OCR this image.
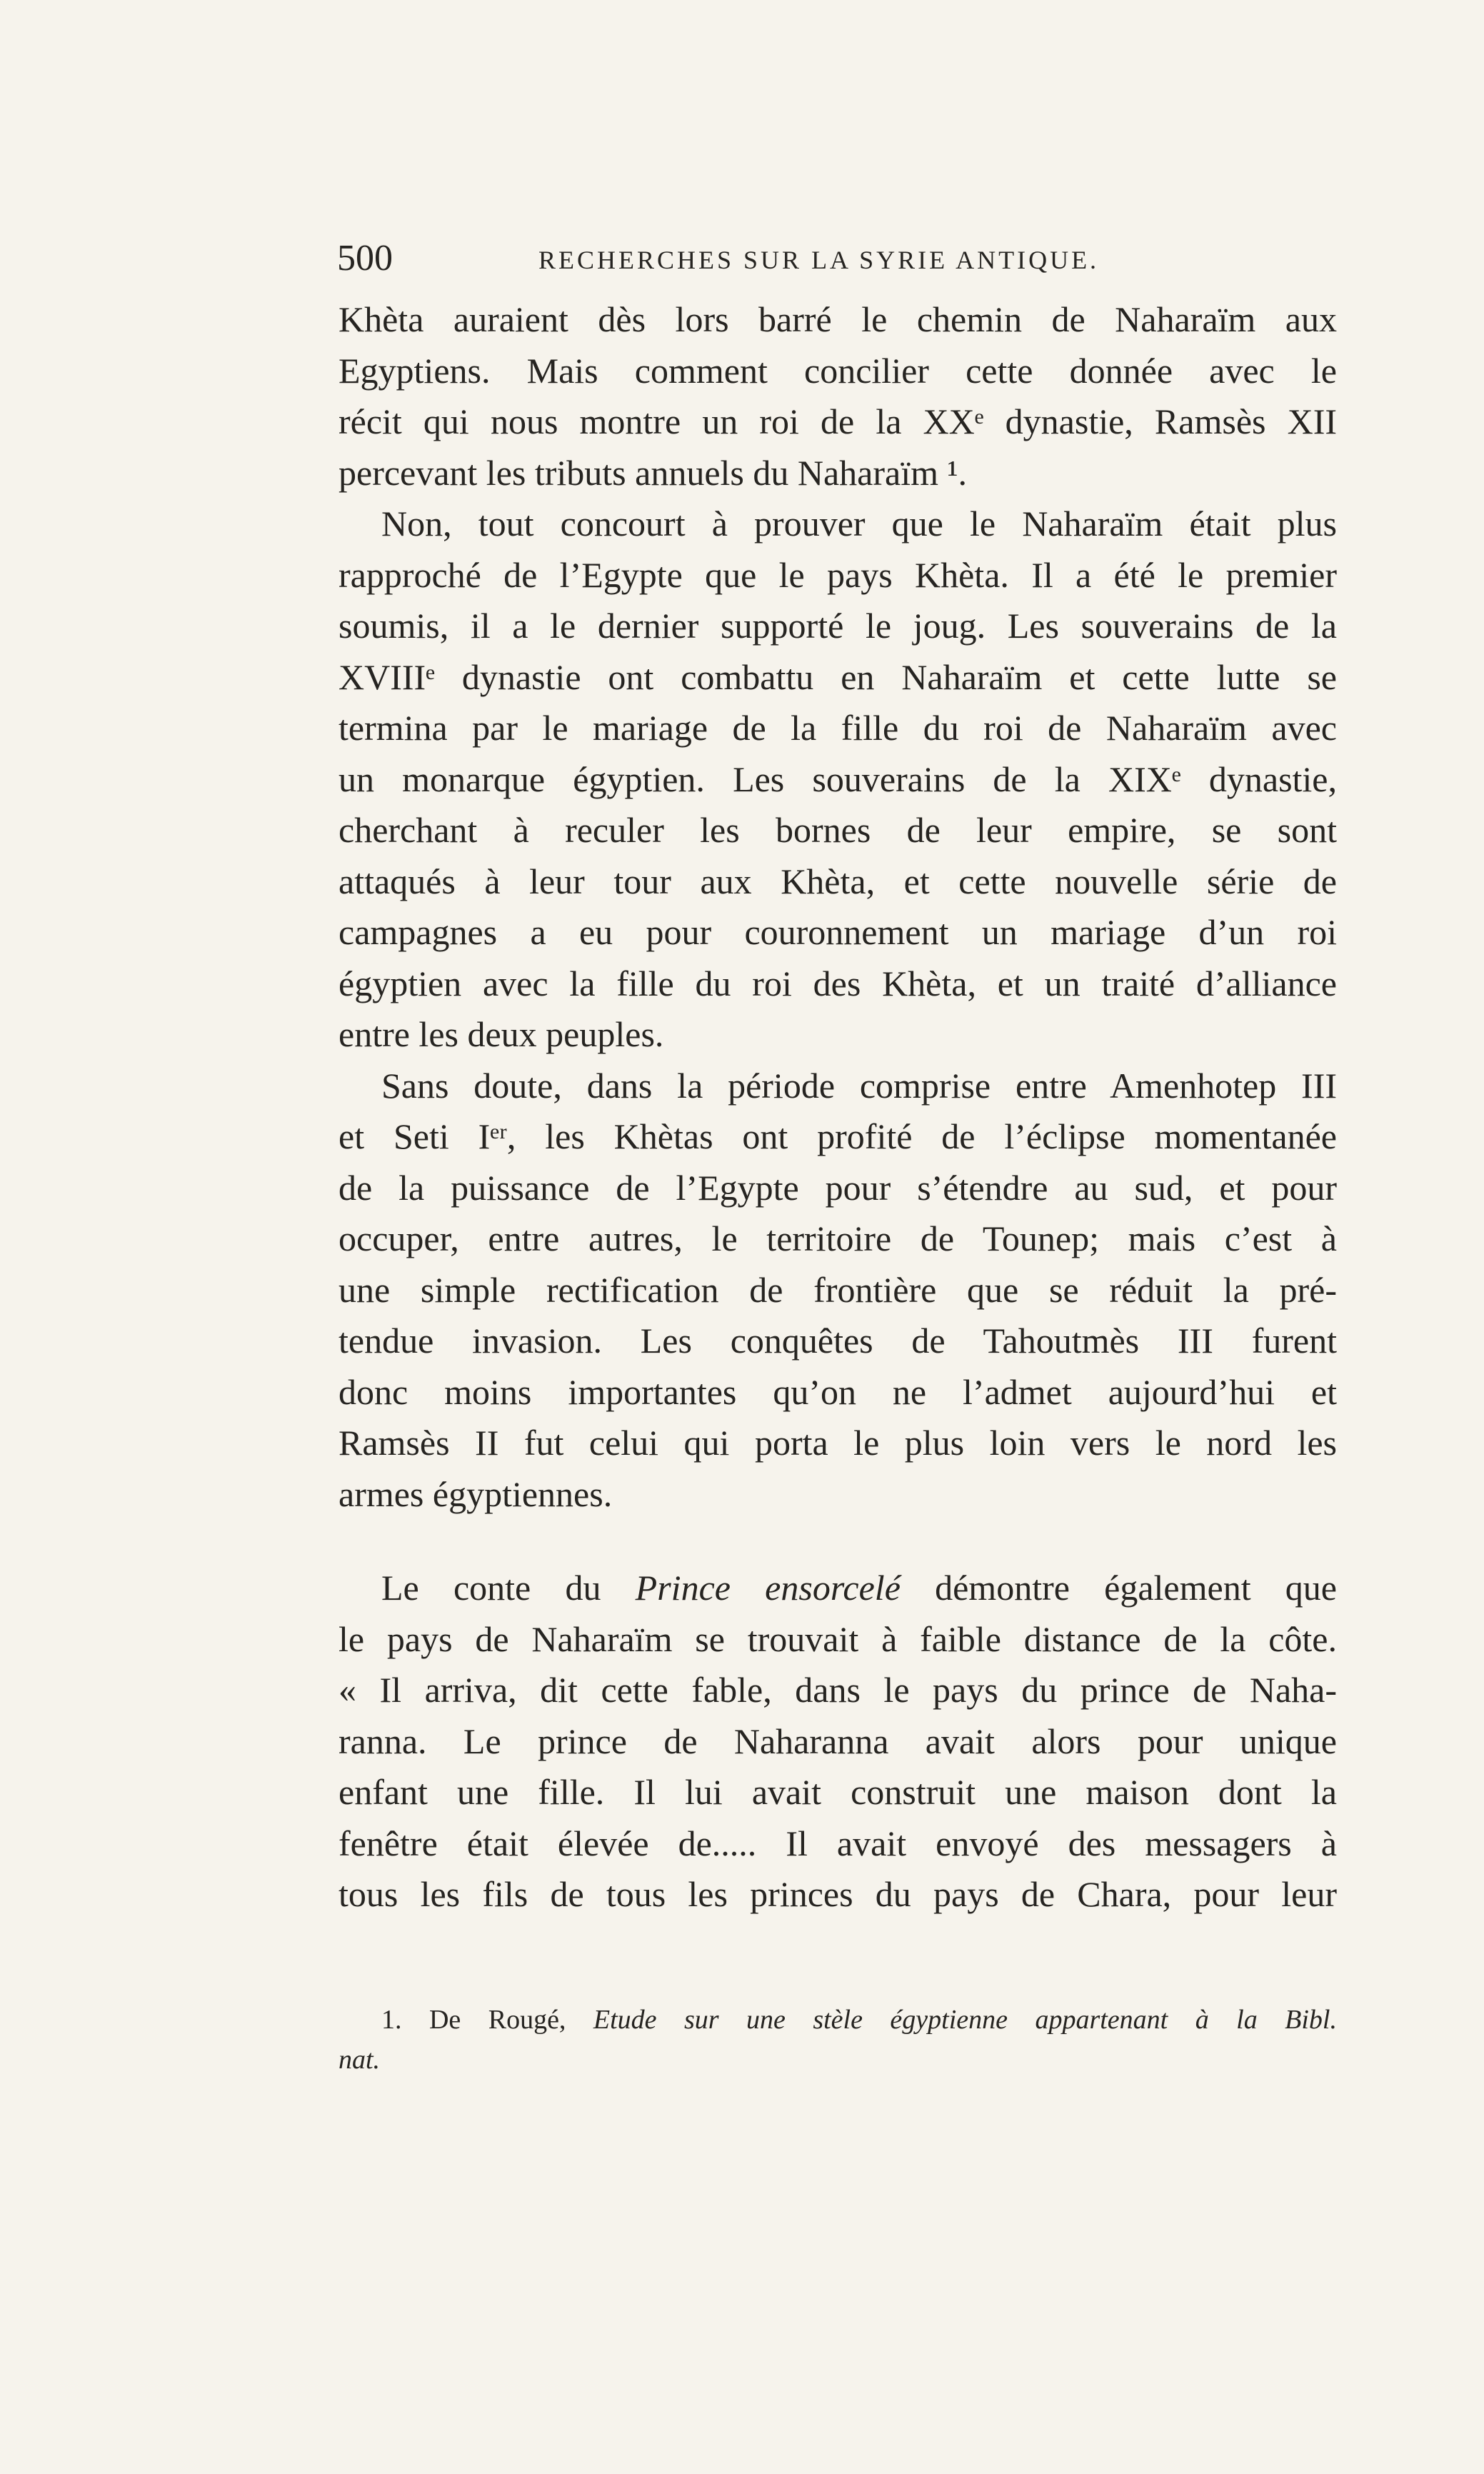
500	RECHERCHES SUR LA SYRIE ANTIQUE.
Khèta auraient dès lors barré le chemin de Naharaïm aux
Egyptiens. Mais comment concilier cette donnée avec le
récit qui nous montre un roi de la XXᵉ dynastie, Ramsès XII
percevant les tributs annuels du Naharaïm ¹.
Non, tout concourt à prouver que le Naharaïm était plus
rapproché de l’Egypte que le pays Khèta. Il a été le premier
soumis, il a le dernier supporté le joug. Les souverains de la
XVIIIᵉ dynastie ont combattu en Naharaïm et cette lutte se
termina par le mariage de la fille du roi de Naharaïm avec
un monarque égyptien. Les souverains de la XIXᵉ dynastie,
cherchant à reculer les bornes de leur empire, se sont
attaqués à leur tour aux Khèta, et cette nouvelle série de
campagnes a eu pour couronnement un mariage d’un roi
égyptien avec la fille du roi des Khèta, et un traité d’alliance
entre les deux peuples.
Sans doute, dans la période comprise entre Amenhotep III
et Seti Iᵉʳ, les Khètas ont profité de l’éclipse momentanée
de la puissance de l’Egypte pour s’étendre au sud, et pour
occuper, entre autres, le territoire de Tounep; mais c’est à
une simple rectification de frontière que se réduit la pré-
tendue invasion. Les conquêtes de Tahoutmès III furent
donc moins importantes qu’on ne l’admet aujourd’hui et
Ramsès II fut celui qui porta le plus loin vers le nord les
armes égyptiennes.
Le conte du Prince ensorcelé démontre également que
le pays de Naharaïm se trouvait à faible distance de la côte.
« Il arriva, dit cette fable, dans le pays du prince de Naha-
ranna. Le prince de Naharanna avait alors pour unique
enfant une fille. Il lui avait construit une maison dont la
fenêtre était élevée de..... Il avait envoyé des messagers à
tous les fils de tous les princes du pays de Chara, pour leur
1. De Rougé, Etude sur une stèle égyptienne appartenant à la Bibl.
nat.
